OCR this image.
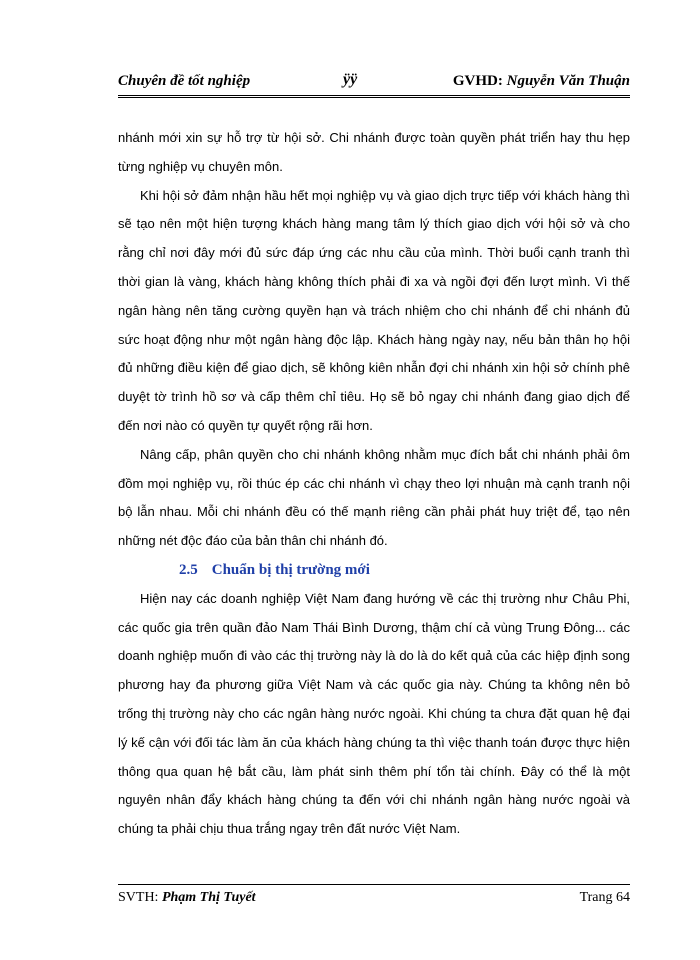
Chuyên đề tốt nghiệp	ÿÿ	GVHD: Nguyễn Văn Thuận

nhánh mới xin sự hỗ trợ từ hội sở. Chi nhánh được toàn quyền phát triển hay thu hẹp từng nghiệp vụ chuyên môn.

Khi hội sở đảm nhận hầu hết mọi nghiệp vụ và giao dịch trực tiếp với khách hàng thì sẽ tạo nên một hiện tượng khách hàng mang tâm lý thích giao dịch với hội sở và cho rằng chỉ nơi đây mới đủ sức đáp ứng các nhu cầu của mình. Thời buổi cạnh tranh thì thời gian là vàng, khách hàng không thích phải đi xa và ngồi đợi đến lượt mình. Vì thế ngân hàng nên tăng cường quyền hạn và trách nhiệm cho chi nhánh để chi nhánh đủ sức hoạt động như một ngân hàng độc lập. Khách hàng ngày nay, nếu bản thân họ hội đủ những điều kiện để giao dịch, sẽ không kiên nhẫn đợi chi nhánh xin hội sở chính phê duyệt tờ trình hồ sơ và cấp thêm chỉ tiêu. Họ sẽ bỏ ngay chi nhánh đang giao dịch để đến nơi nào có quyền tự quyết rộng rãi hơn.

Nâng cấp, phân quyền cho chi nhánh không nhằm mục đích bắt chi nhánh phải ôm đồm mọi nghiệp vụ, rồi thúc ép các chi nhánh vì chạy theo lợi nhuận mà cạnh tranh nội bộ lẫn nhau. Mỗi chi nhánh đều có thế mạnh riêng cần phải phát huy triệt để, tạo nên những nét độc đáo của bản thân chi nhánh đó.

2.5 Chuẩn bị thị trường mới

Hiện nay các doanh nghiệp Việt Nam đang hướng về các thị trường như Châu Phi, các quốc gia trên quần đảo Nam Thái Bình Dương, thậm chí cả vùng Trung Đông... các doanh nghiệp muốn đi vào các thị trường này là do là do kết quả của các hiệp định song phương hay đa phương giữa Việt Nam và các quốc gia này. Chúng ta không nên bỏ trống thị trường này cho các ngân hàng nước ngoài. Khi chúng ta chưa đặt quan hệ đại lý kế cận với đối tác làm ăn của khách hàng chúng ta thì việc thanh toán được thực hiện thông qua quan hệ bắt cầu, làm phát sinh thêm phí tổn tài chính. Đây có thể là một nguyên nhân đẩy khách hàng chúng ta đến với chi nhánh ngân hàng nước ngoài và chúng ta phải chịu thua trắng ngay trên đất nước Việt Nam.

SVTH: Phạm Thị Tuyết	Trang 64
